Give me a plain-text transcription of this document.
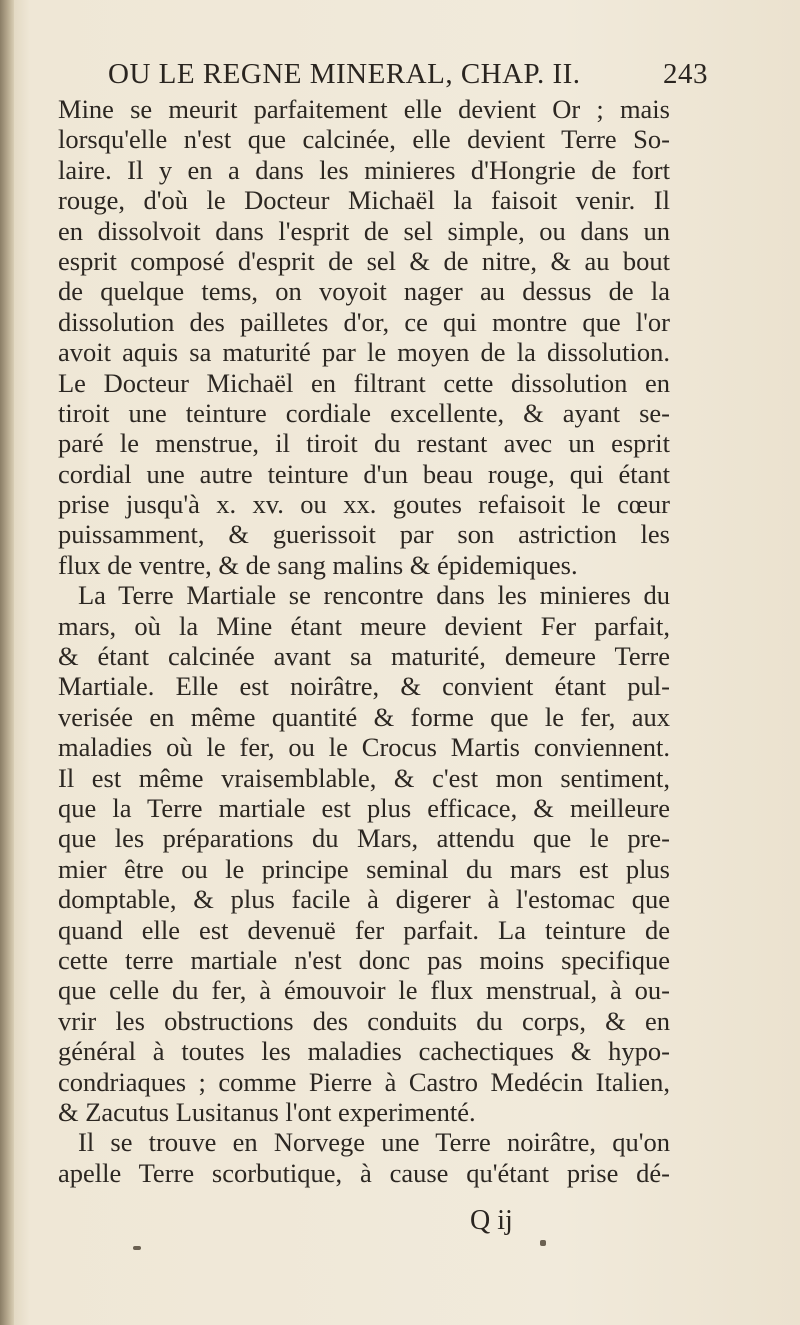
OU LE REGNE MINERAL, CHAP. II.	243
Mine se meurit parfaitement elle devient Or ; mais
lorsqu'elle n'est que calcinée, elle devient Terre So-
laire. Il y en a dans les minieres d'Hongrie de fort
rouge, d'où le Docteur Michaël la faisoit venir. Il
en dissolvoit dans l'esprit de sel simple, ou dans un
esprit composé d'esprit de sel & de nitre, & au bout
de quelque tems, on voyoit nager au dessus de la
dissolution des pailletes d'or, ce qui montre que l'or
avoit aquis sa maturité par le moyen de la dissolution.
Le Docteur Michaël en filtrant cette dissolution en
tiroit une teinture cordiale excellente, & ayant se-
paré le menstrue, il tiroit du restant avec un esprit
cordial une autre teinture d'un beau rouge, qui étant
prise jusqu'à x. xv. ou xx. goutes refaisoit le cœur
puissamment, & guerissoit par son astriction les
flux de ventre, & de sang malins & épidemiques.
La Terre Martiale se rencontre dans les minieres du
mars, où la Mine étant meure devient Fer parfait,
& étant calcinée avant sa maturité, demeure Terre
Martiale. Elle est noirâtre, & convient étant pul-
verisée en même quantité & forme que le fer, aux
maladies où le fer, ou le Crocus Martis conviennent.
Il est même vraisemblable, & c'est mon sentiment,
que la Terre martiale est plus efficace, & meilleure
que les préparations du Mars, attendu que le pre-
mier être ou le principe seminal du mars est plus
domptable, & plus facile à digerer à l'estomac que
quand elle est devenuë fer parfait. La teinture de
cette terre martiale n'est donc pas moins specifique
que celle du fer, à émouvoir le flux menstrual, à ou-
vrir les obstructions des conduits du corps, & en
général à toutes les maladies cachectiques & hypo-
condriaques ; comme Pierre à Castro Medécin Italien,
& Zacutus Lusitanus l'ont experimenté.
Il se trouve en Norvege une Terre noirâtre, qu'on
apelle Terre scorbutique, à cause qu'étant prise dé-
Q ij
